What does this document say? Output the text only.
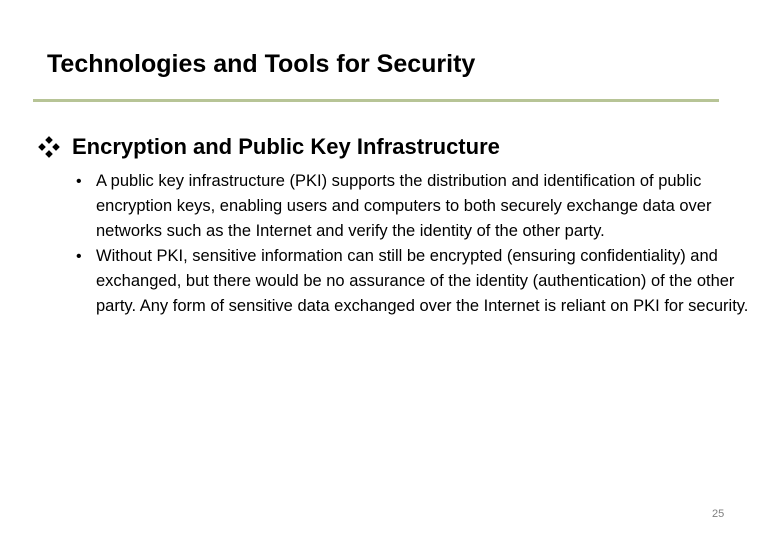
Technologies and Tools for Security
Encryption and Public Key Infrastructure
• A public key infrastructure (PKI) supports the distribution and identification of public encryption keys, enabling users and computers to both securely exchange data over networks such as the Internet and verify the identity of the other party.
• Without PKI, sensitive information can still be encrypted (ensuring confidentiality) and exchanged, but there would be no assurance of the identity (authentication) of the other party. Any form of sensitive data exchanged over the Internet is reliant on PKI for security.
25
